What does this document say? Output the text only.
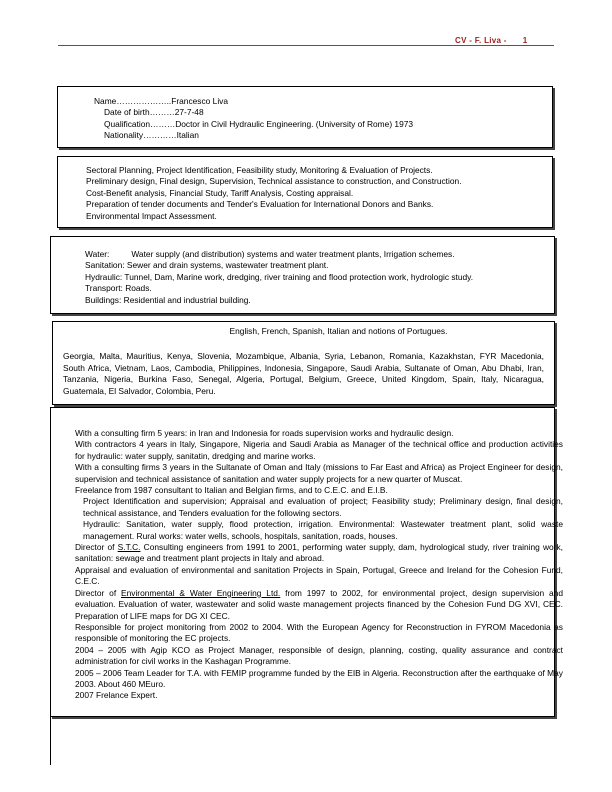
CV - F. Liva - 1
Name………………..Francesco Liva
Date of birth………27-7-48
Qualification………Doctor in Civil Hydraulic Engineering. (University of Rome) 1973
Nationality…………Italian
Sectoral Planning, Project Identification, Feasibility study, Monitoring & Evaluation of Projects.
Preliminary design, Final design, Supervision, Technical assistance to construction, and Construction.
Cost-Benefit analysis, Financial Study, Tariff Analysis, Costing appraisal.
Preparation of tender documents and Tender's Evaluation for International Donors and Banks.
Environmental Impact Assessment.
Water:	Water supply (and distribution) systems and water treatment plants, Irrigation schemes.
Sanitation: Sewer and drain systems, wastewater treatment plant.
Hydraulic: Tunnel, Dam, Marine work, dredging, river training and flood protection work, hydrologic study.
Transport: Roads.
Buildings: Residential and industrial building.
English, French, Spanish, Italian and notions of Portugues.
Georgia, Malta, Mauritius, Kenya, Slovenia, Mozambique, Albania, Syria, Lebanon, Romania, Kazakhstan, FYR Macedonia, South Africa, Vietnam, Laos, Cambodia, Philippines, Indonesia, Singapore, Saudi Arabia, Sultanate of Oman, Abu Dhabi, Iran, Tanzania, Nigeria, Burkina Faso, Senegal, Algeria, Portugal, Belgium, Greece, United Kingdom, Spain, Italy, Nicaragua, Guatemala, El Salvador, Colombia, Peru.
With a consulting firm 5 years: in Iran and Indonesia for roads supervision works and hydraulic design.
With contractors 4 years in Italy, Singapore, Nigeria and Saudi Arabia as Manager of the technical office and production activities for hydraulic: water supply, sanitatin, dredging and marine works.
With a consulting firms 3 years in the Sultanate of Oman and Italy (missions to Far East and Africa) as Project Engineer for design, supervision and technical assistance of sanitation and water supply projects for a new quarter of Muscat.
Freelance from 1987 consultant to Italian and Belgian firms, and to C.E.C. and E.I.B.
Project Identification and supervision; Appraisal and evaluation of project; Feasibility study; Preliminary design, final design, technical assistance, and Tenders evaluation for the following sectors.
Hydraulic: Sanitation, water supply, flood protection, irrigation. Environmental: Wastewater treatment plant, solid waste management. Rural works: water wells, schools, hospitals, sanitation, roads, houses.
Director of S.T.C. Consulting engineers from 1991 to 2001, performing water supply, dam, hydrological study, river training work, sanitation: sewage and treatment plant projects in Italy and abroad.
Appraisal and evaluation of environmental and sanitation Projects in Spain, Portugal, Greece and Ireland for the Cohesion Fund, C.E.C.
Director of Environmental & Water Engineering Ltd. from 1997 to 2002, for environmental project, design supervision and evaluation. Evaluation of water, wastewater and solid waste management projects financed by the Cohesion Fund DG XVI, CEC. Preparation of LIFE maps for DG XI CEC.
Responsible for project monitoring from 2002 to 2004. With the European Agency for Reconstruction in FYROM Macedonia as responsible of monitoring the EC projects.
2004 – 2005 with Agip KCO as Project Manager, responsible of design, planning, costing, quality assurance and contract administration for civil works in the Kashagan Programme.
2005 – 2006 Team Leader for T.A. with FEMIP programme funded by the EIB in Algeria. Reconstruction after the earthquake of May 2003. About 460 MEuro.
2007 Frelance Expert.
